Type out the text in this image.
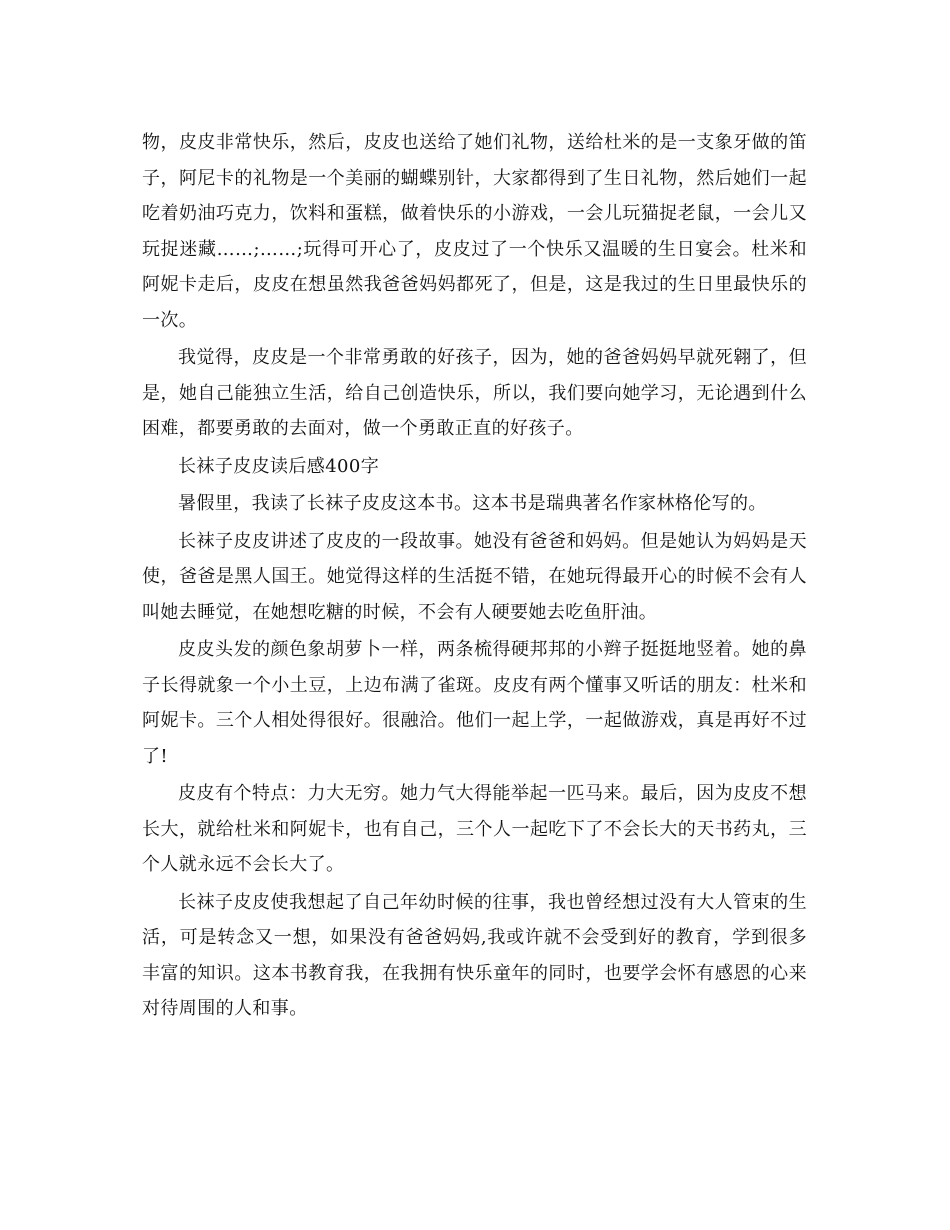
物，皮皮非常快乐，然后，皮皮也送给了她们礼物，送给杜米的是一支象牙做的笛子，阿尼卡的礼物是一个美丽的蝴蝶别针，大家都得到了生日礼物，然后她们一起吃着奶油巧克力，饮料和蛋糕，做着快乐的小游戏，一会儿玩猫捉老鼠，一会儿又玩捉迷藏……;……;玩得可开心了，皮皮过了一个快乐又温暖的生日宴会。杜米和阿妮卡走后，皮皮在想虽然我爸爸妈妈都死了，但是，这是我过的生日里最快乐的一次。

我觉得，皮皮是一个非常勇敢的好孩子，因为，她的爸爸妈妈早就死翱了，但是，她自己能独立生活，给自己创造快乐，所以，我们要向她学习，无论遇到什么困难，都要勇敢的去面对，做一个勇敢正直的好孩子。

长袜子皮皮读后感400字

暑假里，我读了长袜子皮皮这本书。这本书是瑞典著名作家林格伦写的。

长袜子皮皮讲述了皮皮的一段故事。她没有爸爸和妈妈。但是她认为妈妈是天使，爸爸是黑人国王。她觉得这样的生活挺不错，在她玩得最开心的时候不会有人叫她去睡觉，在她想吃糖的时候，不会有人硬要她去吃鱼肝油。

皮皮头发的颜色象胡萝卜一样，两条梳得硬邦邦的小辫子挺挺地竖着。她的鼻子长得就象一个小土豆，上边布满了雀斑。皮皮有两个懂事又听话的朋友：杜米和阿妮卡。三个人相处得很好。很融洽。他们一起上学，一起做游戏，真是再好不过了!

皮皮有个特点：力大无穷。她力气大得能举起一匹马来。最后，因为皮皮不想长大，就给杜米和阿妮卡，也有自己，三个人一起吃下了不会长大的天书药丸，三个人就永远不会长大了。

长袜子皮皮使我想起了自己年幼时候的往事，我也曾经想过没有大人管束的生活，可是转念又一想，如果没有爸爸妈妈,我或许就不会受到好的教育，学到很多丰富的知识。这本书教育我，在我拥有快乐童年的同时，也要学会怀有感恩的心来对待周围的人和事。
